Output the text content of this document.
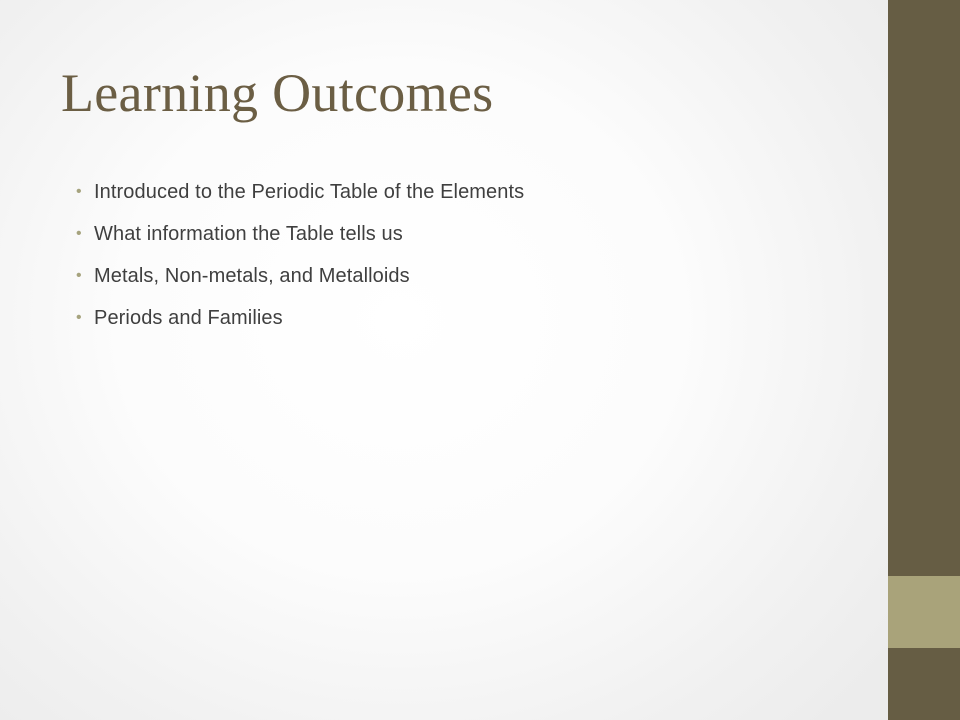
Learning Outcomes
• Introduced to the Periodic Table of the Elements
• What information the Table tells us
• Metals, Non-metals, and Metalloids
• Periods and Families
